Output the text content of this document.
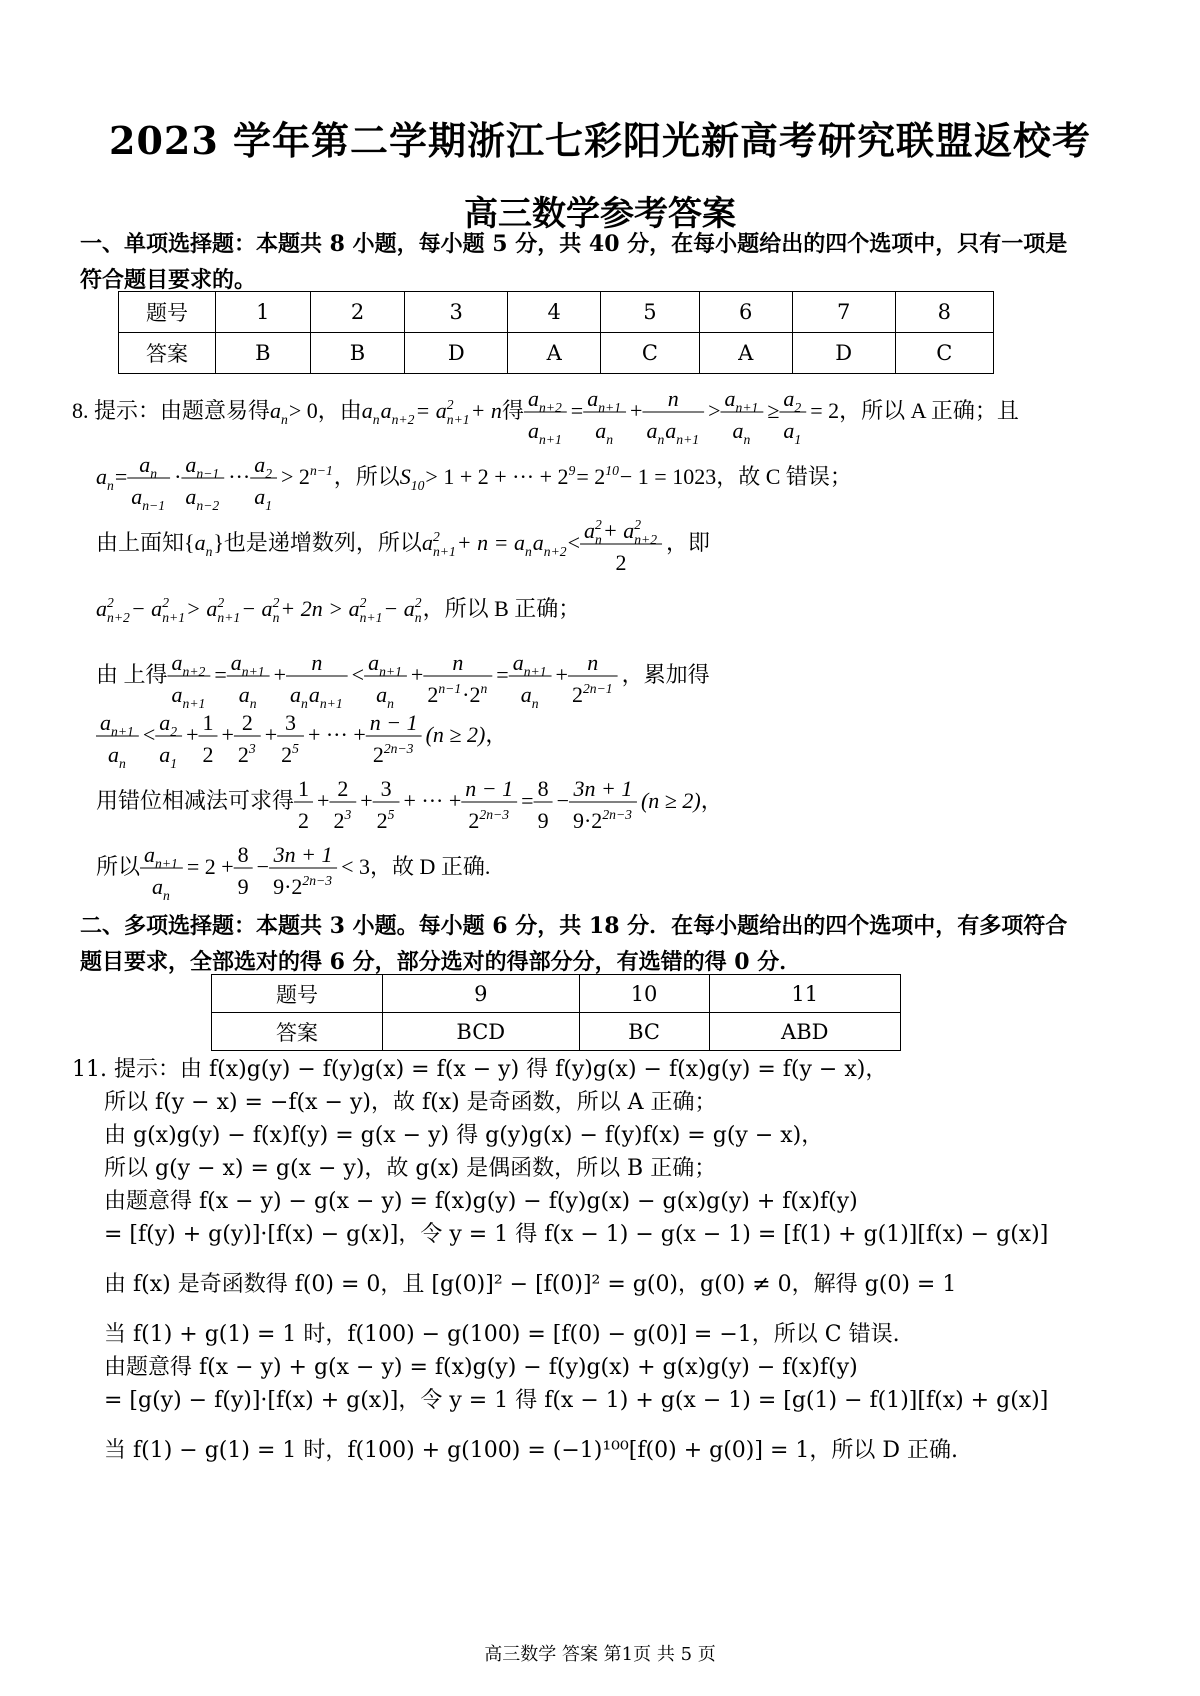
2023 学年第二学期浙江七彩阳光新高考研究联盟返校考
高三数学参考答案
一、单项选择题：本题共 8 小题，每小题 5 分，共 40 分，在每小题给出的四个选项中，只有一项是
符合题目要求的。
题号	1	2	3	4	5	6	7	8
答案	B	B	D	A	C	A	D	C
8. 提示：由题意易得 a n > 0，由 a n a n+2 = a n+1
2 + n 得 a n+2
a n+1
= a n+1
a n
+ n
a n a n+1
> a n+1
a n
≥ a 2
a 1
= 2 ，所以 A 正确；且
a n = a n
a n−1
· a n−1
a n−2
··· a 2
a 1
> 2 n−1 ，所以 S 10 > 1 + 2 + ··· + 2 9 = 2 10 − 1 = 1023 ，故 C 错误；
由上面知{ a n }也是递增数列，所以 a n+1
2 + n = a n a n+2 < a n
2 + a n+2
2
2
，即
a n+2
2 − a n+1
2 > a n+1
2 − a n
2 + 2n > a n+1
2 − a n
2 ，所以 B 正确；
由 上得 a n+2
a n+1
= a n+1
a n
+ n
a n a n+1
< a n+1
a n
+ n
2 n−1 ·2 n
= a n+1
a n
+ n
2 2n−1
，累加得
a n+1
a n
< a 2
a 1
+ 1
2
+ 2
2 3
+ 3
2 5
+ ··· + n − 1
2 2n−3
(n ≥ 2) ，
用错位相减法可求得 1
2
+ 2
2 3
+ 3
2 5
+ ··· + n − 1
2 2n−3
= 8
9
− 3n + 1
9·2 2n−3
(n ≥ 2) ，
所以 a n+1
a n
= 2 + 8
9
− 3n + 1
9·2 2n−3
< 3 ，故 D 正确.
二、多项选择题：本题共 3 小题。每小题 6 分，共 18 分．在每小题给出的四个选项中，有多项符合
题目要求，全部选对的得 6 分，部分选对的得部分分，有选错的得 0 分．
题号	9	10	11
答案	BCD	BC	ABD
11. 提示：由 f(x)g(y) − f(y)g(x) = f(x − y) 得 f(y)g(x) − f(x)g(y) = f(y − x)，
所以 f(y − x) = −f(x − y)，故 f(x) 是奇函数，所以 A 正确；
由 g(x)g(y) − f(x)f(y) = g(x − y) 得 g(y)g(x) − f(y)f(x) = g(y − x)，
所以 g(y − x) = g(x − y)，故 g(x) 是偶函数，所以 B 正确；
由题意得 f(x − y) − g(x − y) = f(x)g(y) − f(y)g(x) − g(x)g(y) + f(x)f(y)
= [f(y) + g(y)]·[f(x) − g(x)]，令 y = 1 得 f(x − 1) − g(x − 1) = [f(1) + g(1)][f(x) − g(x)]
由 f(x) 是奇函数得 f(0) = 0，且 [g(0)]² − [f(0)]² = g(0)，g(0) ≠ 0，解得 g(0) = 1
当 f(1) + g(1) = 1 时，f(100) − g(100) = [f(0) − g(0)] = −1，所以 C 错误.
由题意得 f(x − y) + g(x − y) = f(x)g(y) − f(y)g(x) + g(x)g(y) − f(x)f(y)
= [g(y) − f(y)]·[f(x) + g(x)]，令 y = 1 得 f(x − 1) + g(x − 1) = [g(1) − f(1)][f(x) + g(x)]
当 f(1) − g(1) = 1 时，f(100) + g(100) = (−1)¹⁰⁰[f(0) + g(0)] = 1，所以 D 正确.
高三数学 答案 第1页 共 5 页
